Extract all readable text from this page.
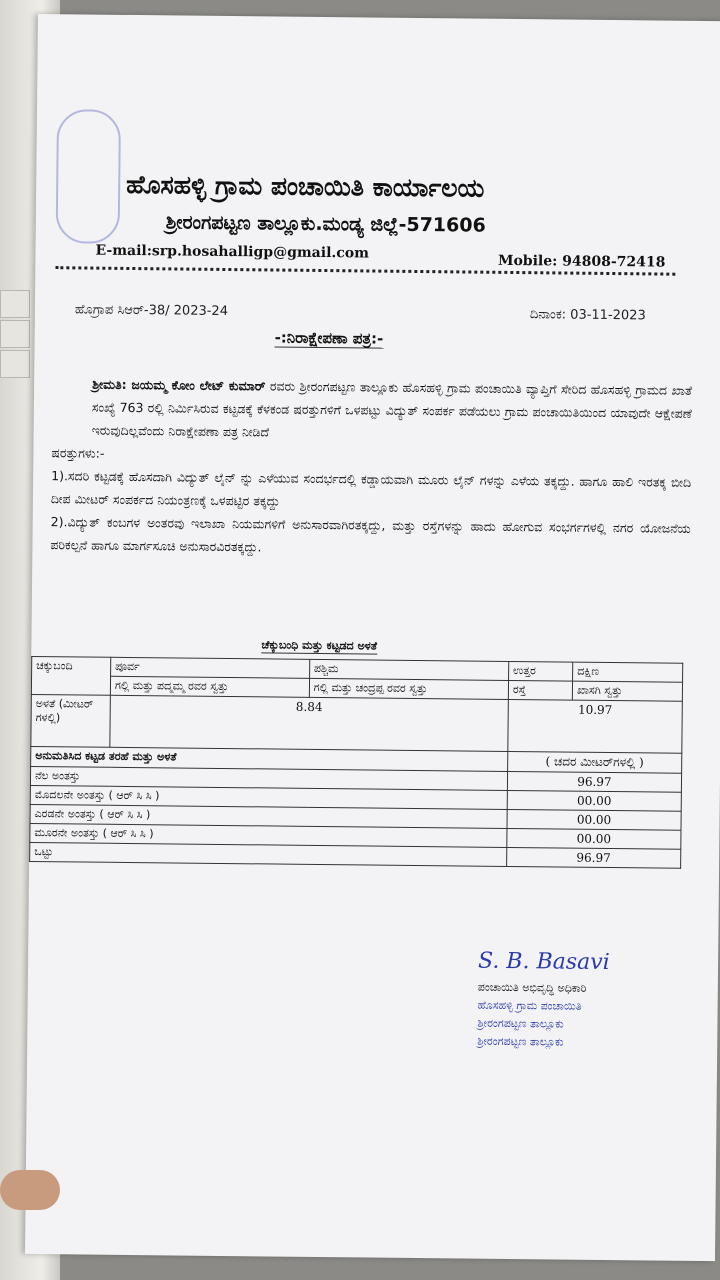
ಹೊಸಹಳ್ಳಿ ಗ್ರಾಮ ಪಂಚಾಯಿತಿ ಕಾರ್ಯಾಲಯ
ಶ್ರೀರಂಗಪಟ್ಟಣ ತಾಲ್ಲೂಕು.ಮಂಡ್ಯ ಜಿಲ್ಲೆ-571606
E-mail:srp.hosahalligp@gmail.com
Mobile: 94808-72418
ಹೊಗ್ರಾಪ ಸಿಆರ್-38/ 2023-24	ದಿನಾಂಕ: 03-11-2023
-:ನಿರಾಕ್ಷೇಪಣಾ ಪತ್ರ:-

ಶ್ರೀಮತಿ: ಜಯಮ್ಮ ಕೋಂ ಲೇಟ್ ಕುಮಾರ್ ರವರು ಶ್ರೀರಂಗಪಟ್ಟಣ ತಾಲ್ಲೂಕು ಹೊಸಹಳ್ಳಿ ಗ್ರಾಮ ಪಂಚಾಯಿತಿ ವ್ಯಾಪ್ತಿಗೆ ಸೇರಿದ ಹೊಸಹಳ್ಳಿ ಗ್ರಾಮದ ಖಾತೆ ಸಂಖ್ಯೆ 763 ರಲ್ಲಿ ನಿರ್ಮಿಸಿರುವ ಕಟ್ಟಡಕ್ಕೆ ಕೆಳಕಂಡ ಷರತ್ತುಗಳಿಗೆ ಒಳಪಟ್ಟು ವಿದ್ಯುತ್ ಸಂಪರ್ಕ ಪಡೆಯಲು ಗ್ರಾಮ ಪಂಚಾಯಿತಿಯಿಂದ ಯಾವುದೇ ಆಕ್ಷೇಪಣೆ ಇರುವುದಿಲ್ಲವೆಂದು ನಿರಾಕ್ಷೇಪಣಾ ಪತ್ರ ನೀಡಿದೆ

ಷರತ್ತುಗಳು:-

1).ಸದರಿ ಕಟ್ಟಡಕ್ಕೆ ಹೊಸದಾಗಿ ವಿದ್ಯುತ್ ಲೈನ್ ನ್ನು ಎಳೆಯುವ ಸಂದರ್ಭದಲ್ಲಿ ಕಡ್ಡಾಯವಾಗಿ ಮೂರು ಲೈನ್ ಗಳನ್ನು ಎಳೆಯ ತಕ್ಕದ್ದು. ಹಾಗೂ ಹಾಲಿ ಇರತಕ್ಕ ಬೀದಿ ದೀಪ ಮೀಟರ್ ಸಂಪರ್ಕದ ನಿಯಂತ್ರಣಕ್ಕೆ ಒಳಪಟ್ಟಿರ ತಕ್ಕದ್ದು

2).ವಿದ್ಯುತ್ ಕಂಬಗಳ ಅಂತರವು ಇಲಾಖಾ ನಿಯಮಗಳಿಗೆ ಅನುಸಾರವಾಗಿರತಕ್ಕದ್ದು, ಮತ್ತು ರಸ್ತೆಗಳನ್ನು ಹಾದು ಹೋಗುವ ಸಂಭರ್ಗಗಳಲ್ಲಿ ನಗರ ಯೋಜನೆಯ ಪರಿಕಲ್ಪನೆ ಹಾಗೂ ಮಾರ್ಗಸೂಚಿ ಅನುಸಾರವಿರತಕ್ಕದ್ದು.

ಚೆಕ್ಕುಬಂಧಿ ಮತ್ತು ಕಟ್ಟಡದ ಅಳತೆ
ಚಕ್ಕುಬಂದಿ	ಪೂರ್ವ	ಪಶ್ಚಿಮ	ಉತ್ತರ	ದಕ್ಷಿಣ
	ಗಲ್ಲಿ ಮತ್ತು ಪದ್ಮಮ್ಮ ರವರ ಸ್ವತ್ತು	ಗಲ್ಲಿ ಮತ್ತು ಚಂದ್ರಪ್ಪ ರವರ ಸ್ವತ್ತು	ರಸ್ತೆ	ಖಾಸಗಿ ಸ್ವತ್ತು
ಅಳತೆ (ಮೀಟರ್ ಗಳಲ್ಲಿ)	8.84		10.97	
ಅನುಮತಿಸಿದ ಕಟ್ಟಡ ತರಹೆ ಮತ್ತು ಅಳತೆ			( ಚದರ ಮೀಟರ್‌ಗಳಲ್ಲಿ )	
ನೆಲ ಅಂತಸ್ತು			96.97	
ಮೊದಲನೇ ಅಂತಸ್ತು ( ಆರ್ ಸಿ ಸಿ )			00.00	
ಎರಡನೇ ಅಂತಸ್ತು ( ಆರ್ ಸಿ ಸಿ )			00.00	
ಮೂರನೇ ಅಂತಸ್ತು ( ಆರ್ ಸಿ ಸಿ )			00.00	
ಒಟ್ಟು			96.97	
S. B. Basavi
ಪಂಚಾಯಿತಿ ಅಭಿವೃದ್ಧಿ ಅಧಿಕಾರಿ
ಹೊಸಹಳ್ಳಿ ಗ್ರಾಮ ಪಂಚಾಯಿತಿ
ಶ್ರೀರಂಗಪಟ್ಟಣ ತಾಲ್ಲೂಕು
ಶ್ರೀರಂಗಪಟ್ಟಣ ತಾಲ್ಲೂಕು
